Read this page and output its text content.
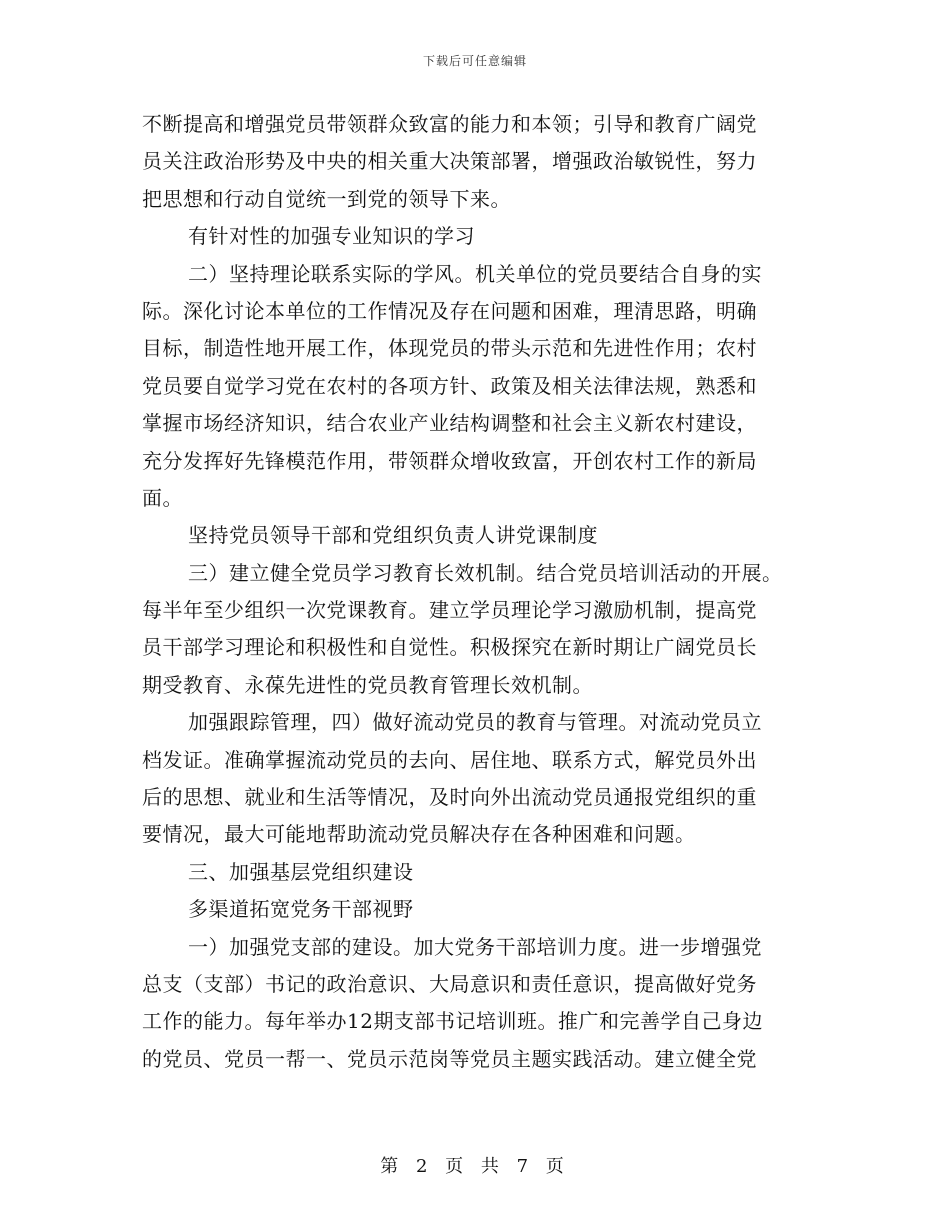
下载后可任意编辑
不断提高和增强党员带领群众致富的能力和本领；引导和教育广阔党
员关注政治形势及中央的相关重大决策部署，增强政治敏锐性，努力
把思想和行动自觉统一到党的领导下来。
有针对性的加强专业知识的学习
二）坚持理论联系实际的学风。机关单位的党员要结合自身的实
际。深化讨论本单位的工作情况及存在问题和困难，理清思路，明确
目标，制造性地开展工作，体现党员的带头示范和先进性作用；农村
党员要自觉学习党在农村的各项方针、政策及相关法律法规，熟悉和
掌握市场经济知识，结合农业产业结构调整和社会主义新农村建设，
充分发挥好先锋模范作用，带领群众增收致富，开创农村工作的新局
面。
坚持党员领导干部和党组织负责人讲党课制度
三）建立健全党员学习教育长效机制。结合党员培训活动的开展。
每半年至少组织一次党课教育。建立学员理论学习激励机制，提高党
员干部学习理论和积极性和自觉性。积极探究在新时期让广阔党员长
期受教育、永葆先进性的党员教育管理长效机制。
加强跟踪管理，四）做好流动党员的教育与管理。对流动党员立
档发证。准确掌握流动党员的去向、居住地、联系方式，解党员外出
后的思想、就业和生活等情况，及时向外出流动党员通报党组织的重
要情况，最大可能地帮助流动党员解决存在各种困难和问题。
三、加强基层党组织建设
多渠道拓宽党务干部视野
一）加强党支部的建设。加大党务干部培训力度。进一步增强党
总支（支部）书记的政治意识、大局意识和责任意识，提高做好党务
工作的能力。每年举办12期支部书记培训班。推广和完善学自己身边
的党员、党员一帮一、党员示范岗等党员主题实践活动。建立健全党
第 2 页 共 7 页
